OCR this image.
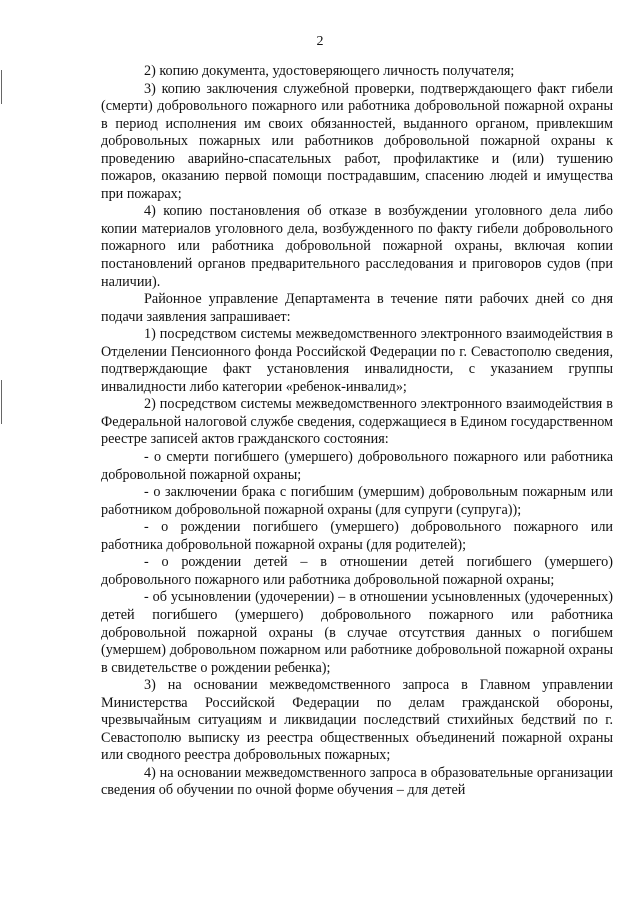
2

2) копию документа, удостоверяющего личность получателя;

3) копию заключения служебной проверки, подтверждающего факт гибели (смерти) добровольного пожарного или работника добровольной пожарной охраны в период исполнения им своих обязанностей, выданного органом, привлекшим добровольных пожарных или работников добровольной пожарной охраны к проведению аварийно-спасательных работ, профилактике и (или) тушению пожаров, оказанию первой помощи пострадавшим, спасению людей и имущества при пожарах;

4) копию постановления об отказе в возбуждении уголовного дела либо копии материалов уголовного дела, возбужденного по факту гибели добровольного пожарного или работника добровольной пожарной охраны, включая копии постановлений органов предварительного расследования и приговоров судов (при наличии).

Районное управление Департамента в течение пяти рабочих дней со дня подачи заявления запрашивает:

1) посредством системы межведомственного электронного взаимодействия в Отделении Пенсионного фонда Российской Федерации по г. Севастополю сведения, подтверждающие факт установления инвалидности, с указанием группы инвалидности либо категории «ребенок-инвалид»;

2) посредством системы межведомственного электронного взаимодействия в Федеральной налоговой службе сведения, содержащиеся в Едином государственном реестре записей актов гражданского состояния:

- о смерти погибшего (умершего) добровольного пожарного или работника добровольной пожарной охраны;

- о заключении брака с погибшим (умершим) добровольным пожарным или работником добровольной пожарной охраны (для супруги (супруга));

- о рождении погибшего (умершего) добровольного пожарного или работника добровольной пожарной охраны (для родителей);

- о рождении детей – в отношении детей погибшего (умершего) добровольного пожарного или работника добровольной пожарной охраны;

- об усыновлении (удочерении) – в отношении усыновленных (удочеренных) детей погибшего (умершего) добровольного пожарного или работника добровольной пожарной охраны (в случае отсутствия данных о погибшем (умершем) добровольном пожарном или работнике добровольной пожарной охраны в свидетельстве о рождении ребенка);

3) на основании межведомственного запроса в Главном управлении Министерства Российской Федерации по делам гражданской обороны, чрезвычайным ситуациям и ликвидации последствий стихийных бедствий по г. Севастополю выписку из реестра общественных объединений пожарной охраны или сводного реестра добровольных пожарных;

4) на основании межведомственного запроса в образовательные организации сведения об обучении по очной форме обучения – для детей
